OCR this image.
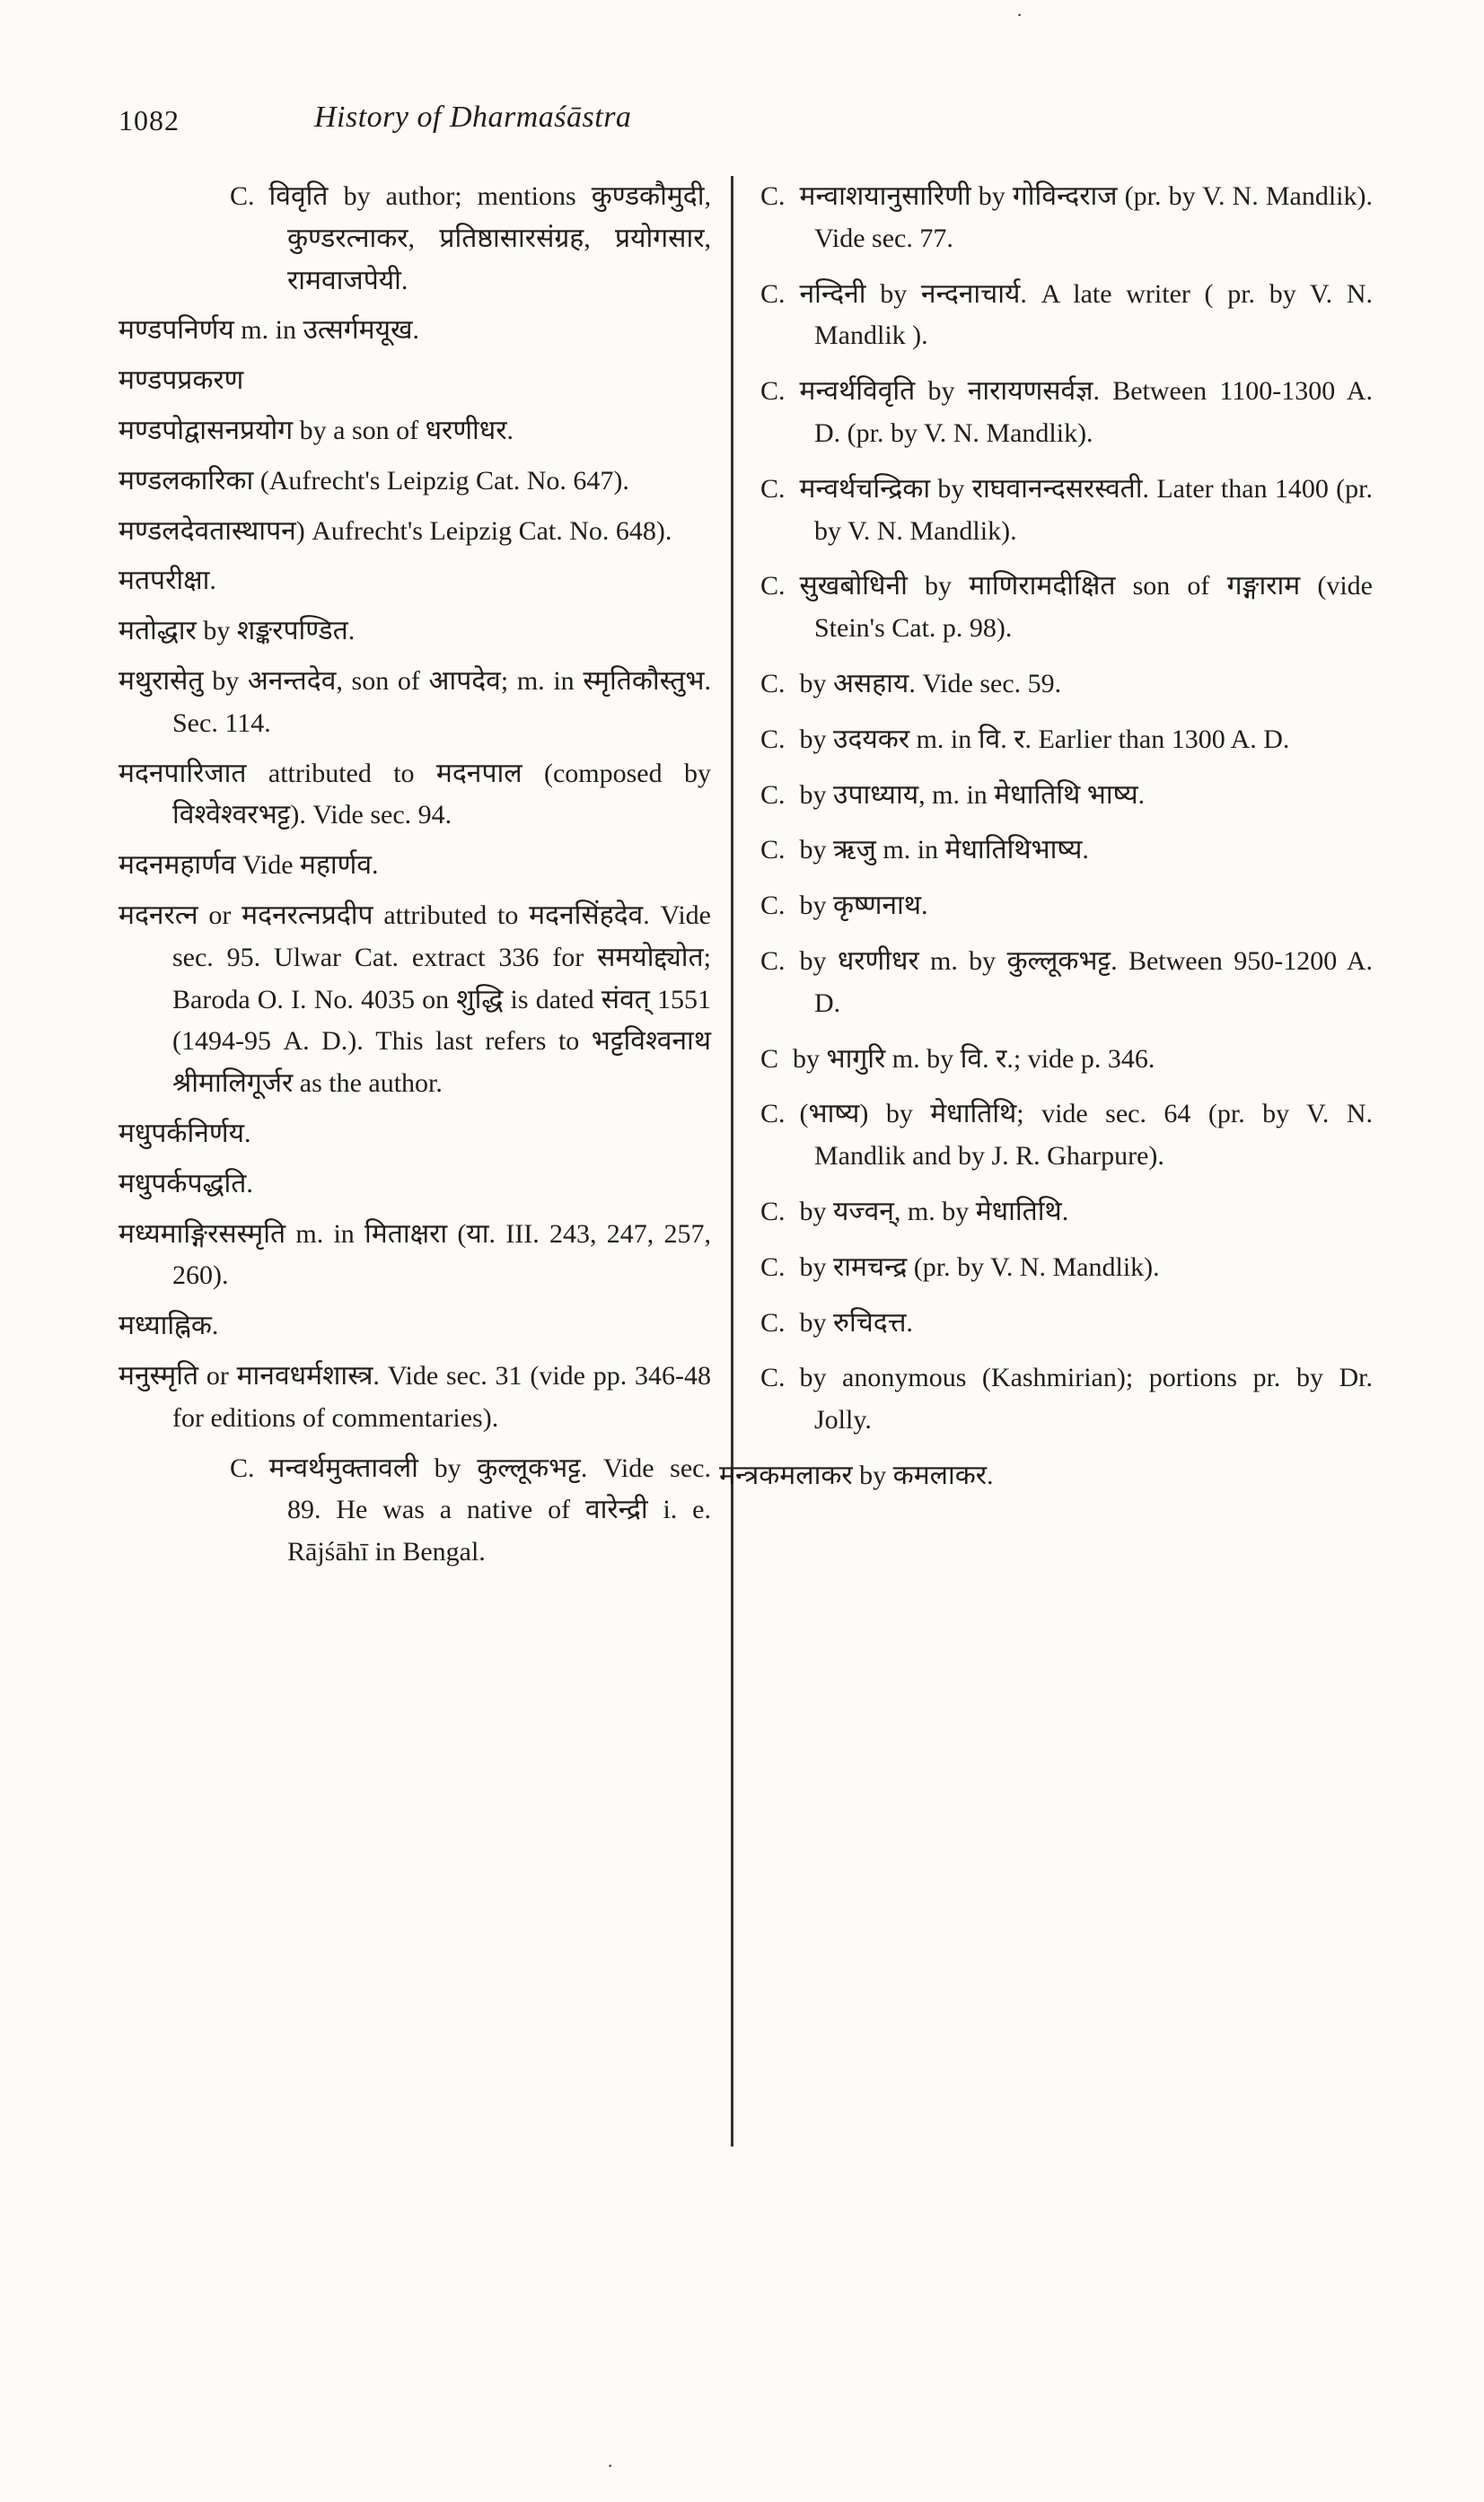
·
1082	History of Dharmaśāstra

C. विवृति by author; mentions कुण्डकौमुदी, कुण्डरत्नाकर, प्रतिष्ठासारसंग्रह, प्रयोगसार, रामवाजपेयी.

मण्डपनिर्णय m. in उत्सर्गमयूख.

मण्डपप्रकरण

मण्डपोद्वासनप्रयोग by a son of धरणीधर.

मण्डलकारिका (Aufrecht's Leipzig Cat. No. 647).

मण्डलदेवतास्थापन) Aufrecht's Leipzig Cat. No. 648).

मतपरीक्षा.

मतोद्धार by शङ्करपण्डित.

मथुरासेतु by अनन्तदेव, son of आपदेव; m. in स्मृतिकौस्तुभ. Sec. 114.

मदनपारिजात attributed to मदनपाल (composed by विश्वेश्वरभट्ट). Vide sec. 94.

मदनमहार्णव Vide महार्णव.

मदनरत्न or मदनरत्नप्रदीप attributed to मदनसिंहदेव. Vide sec. 95. Ulwar Cat. extract 336 for समयोद्द्योत; Baroda O. I. No. 4035 on शुद्धि is dated संवत् 1551 (1494-95 A. D.). This last refers to भट्टविश्वनाथ श्रीमालिगूर्जर as the author.

मधुपर्कनिर्णय.

मधुपर्कपद्धति.

मध्यमाङ्गिरसस्मृति m. in मिताक्षरा (या. III. 243, 247, 257, 260).

मध्याह्निक.

मनुस्मृति or मानवधर्मशास्त्र. Vide sec. 31 (vide pp. 346-48 for editions of commentaries).

C. मन्वर्थमुक्तावली by कुल्लूकभट्ट. Vide sec. 89. He was a native of वारेन्द्री i. e. Rājśāhī in Bengal.

C. मन्वाशयानुसारिणी by गोविन्दराज (pr. by V. N. Mandlik). Vide sec. 77.

C. नन्दिनी by नन्दनाचार्य. A late writer ( pr. by V. N. Mandlik ).

C. मन्वर्थविवृति by नारायणसर्वज्ञ. Between 1100-1300 A. D. (pr. by V. N. Mandlik).

C. मन्वर्थचन्द्रिका by राघवानन्दसरस्वती. Later than 1400 (pr. by V. N. Mandlik).

C. सुखबोधिनी by माणिरामदीक्षित son of गङ्गाराम (vide Stein's Cat. p. 98).

C. by असहाय. Vide sec. 59.

C. by उदयकर m. in वि. र. Earlier than 1300 A. D.

C. by उपाध्याय, m. in मेधातिथि भाष्य.

C. by ऋजु m. in मेधातिथिभाष्य.

C. by कृष्णनाथ.

C. by धरणीधर m. by कुल्लूकभट्ट. Between 950-1200 A. D.

C by भागुरि m. by वि. र.; vide p. 346.

C. (भाष्य) by मेधातिथि; vide sec. 64 (pr. by V. N. Mandlik and by J. R. Gharpure).

C. by यज्वन्, m. by मेधातिथि.

C. by रामचन्द्र (pr. by V. N. Mandlik).

C. by रुचिदत्त.

C. by anonymous (Kashmirian); portions pr. by Dr. Jolly.

मन्त्रकमलाकर by कमलाकर.

·
